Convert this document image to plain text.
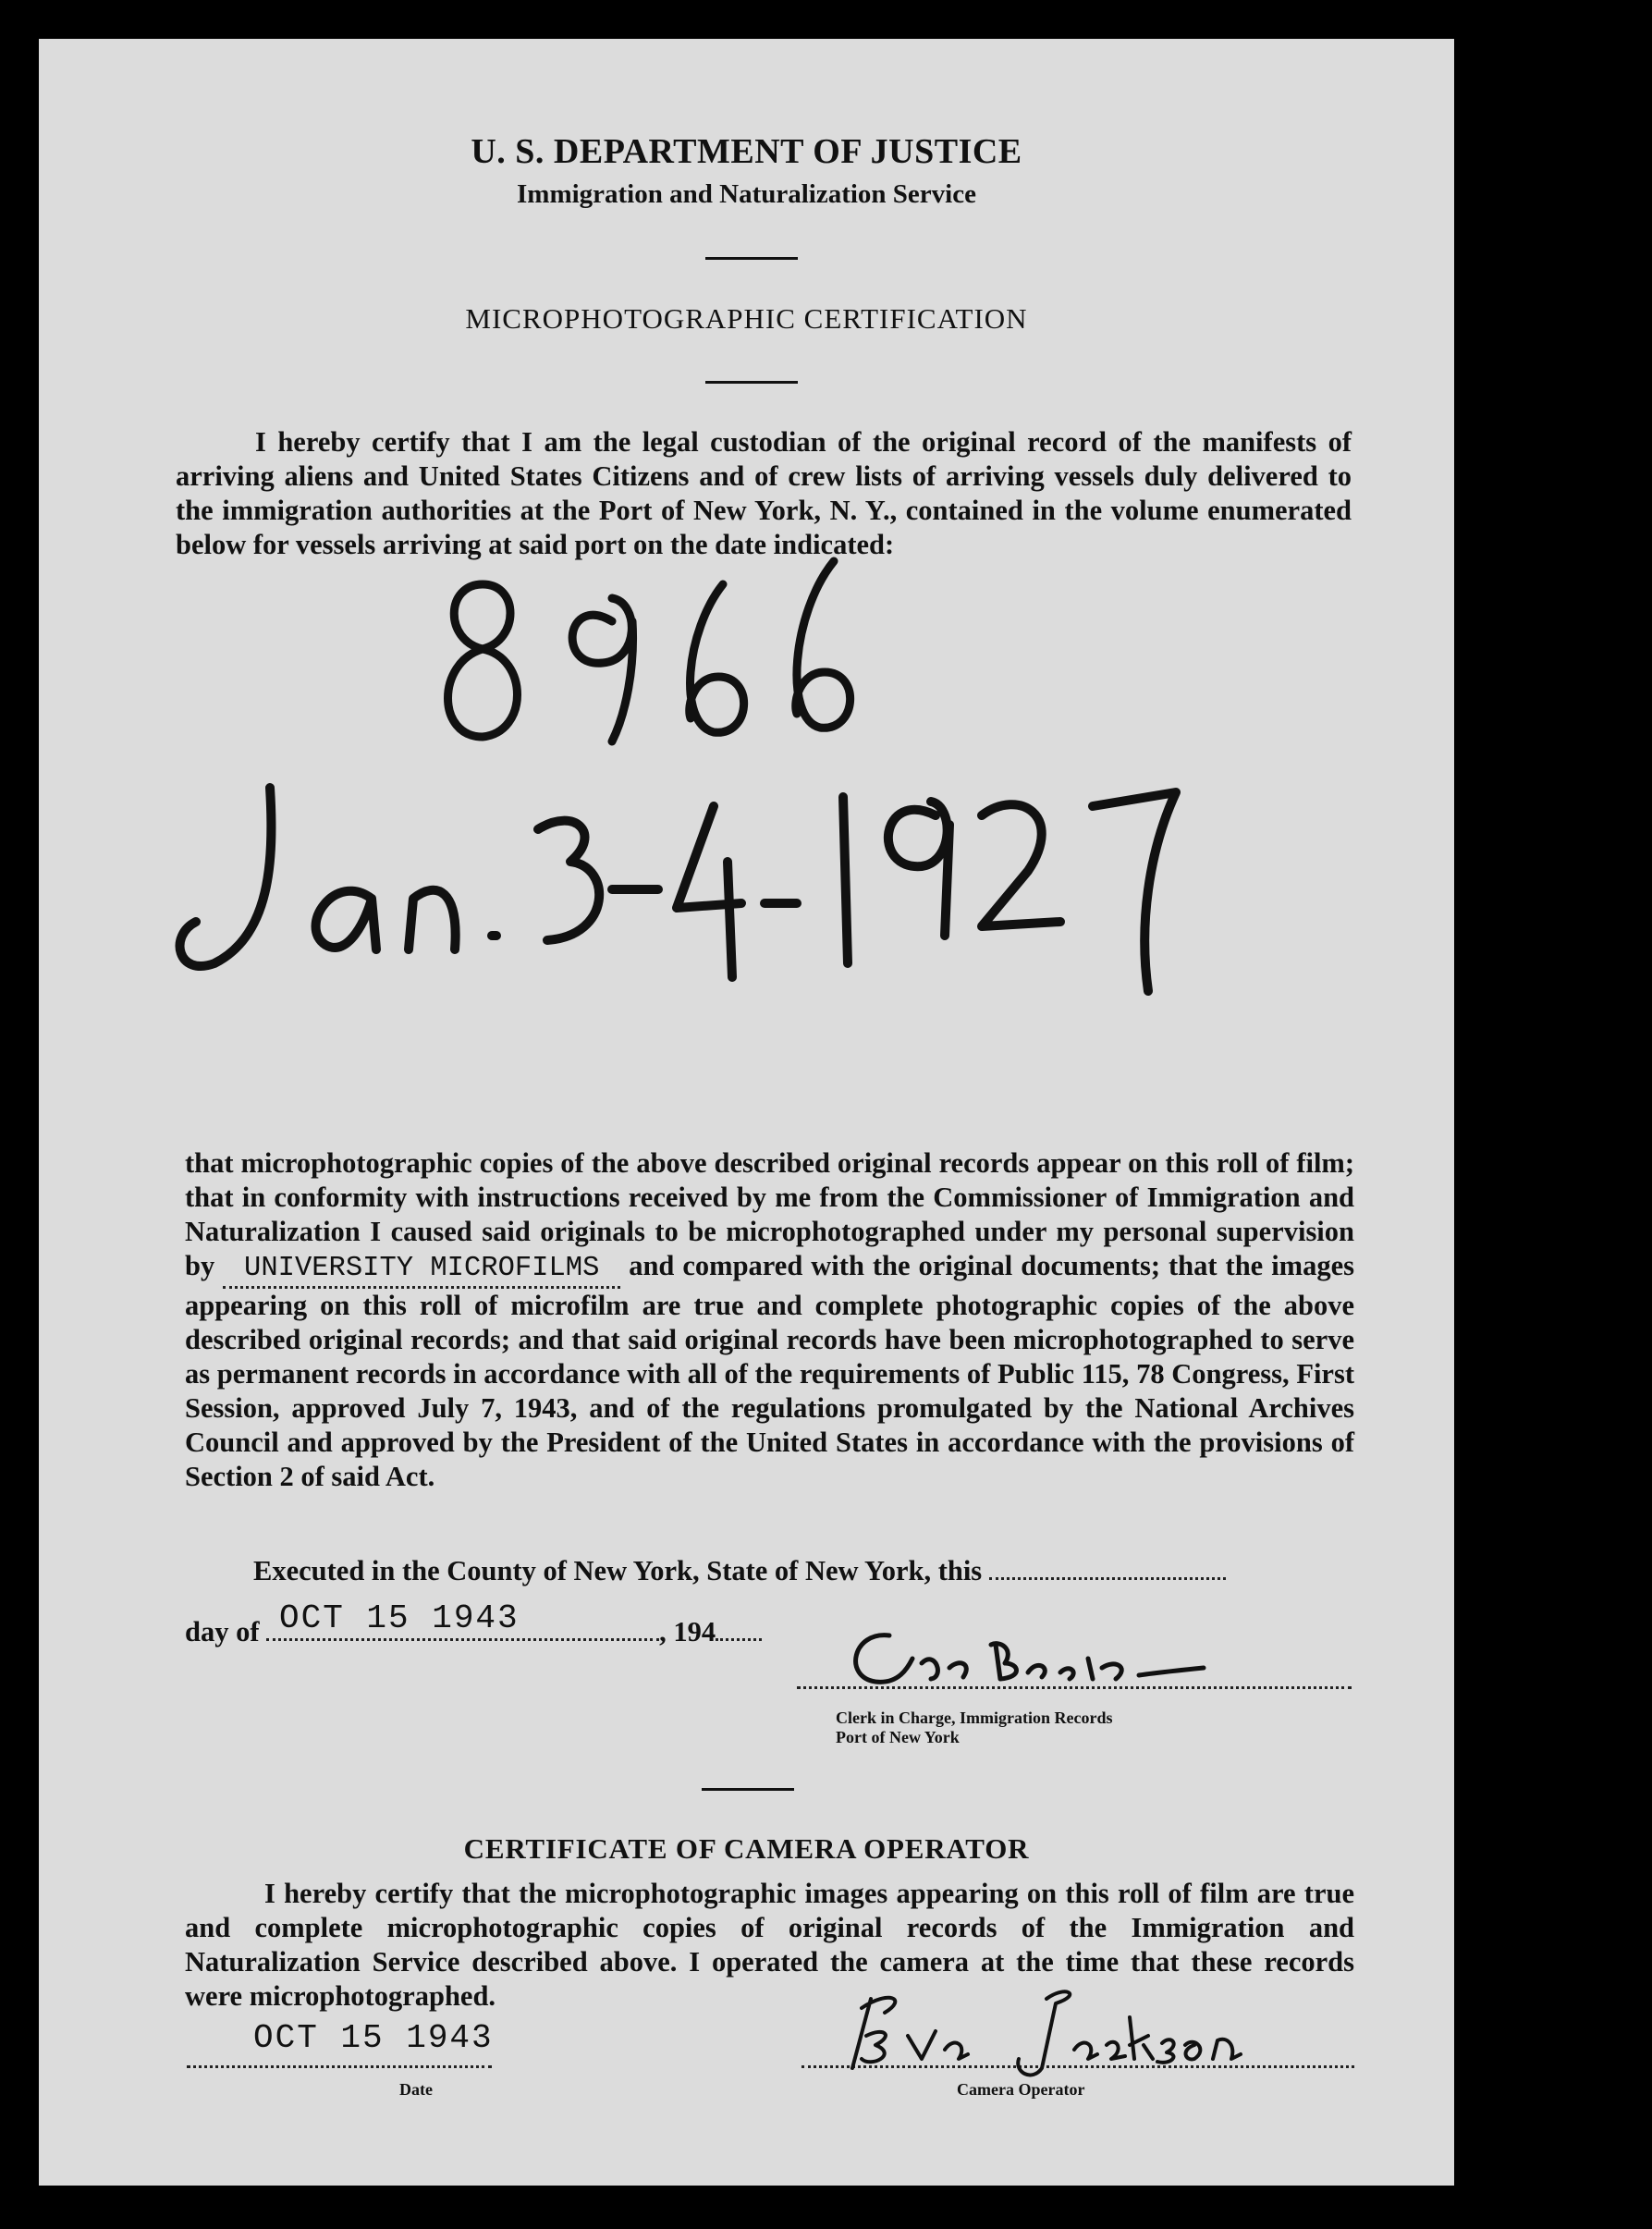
U. S. DEPARTMENT OF JUSTICE
Immigration and Naturalization Service
MICROPHOTOGRAPHIC CERTIFICATION

I hereby certify that I am the legal custodian of the original record of the manifests of arriving aliens and United States Citizens and of crew lists of arriving vessels duly delivered to the immigration authorities at the Port of New York, N. Y., contained in the volume enumerated below for vessels arriving at said port on the date indicated:

that microphotographic copies of the above described original records appear on this roll of film; that in conformity with instructions received by me from the Commissioner of Immigration and Naturalization I caused said originals to be microphotographed under my personal supervision by UNIVERSITY MICROFILMS and compared with the original documents; that the images appearing on this roll of microfilm are true and complete photographic copies of the above described original records; and that said original records have been microphotographed to serve as permanent records in accordance with all of the requirements of Public 115, 78 Congress, First Session, approved July 7, 1943, and of the regulations promulgated by the National Archives Council and approved by the President of the United States in accordance with the provisions of Section 2 of said Act.
Executed in the County of New York, State of New York, this
day of	, 194
OCT 15 1943
Clerk in Charge, Immigration Records
Port of New York
CERTIFICATE OF CAMERA OPERATOR

I hereby certify that the microphotographic images appearing on this roll of film are true and complete microphotographic copies of original records of the Immigration and Naturalization Service described above. I operated the camera at the time that these records were microphotographed.

OCT 15 1943
Date	Camera Operator
